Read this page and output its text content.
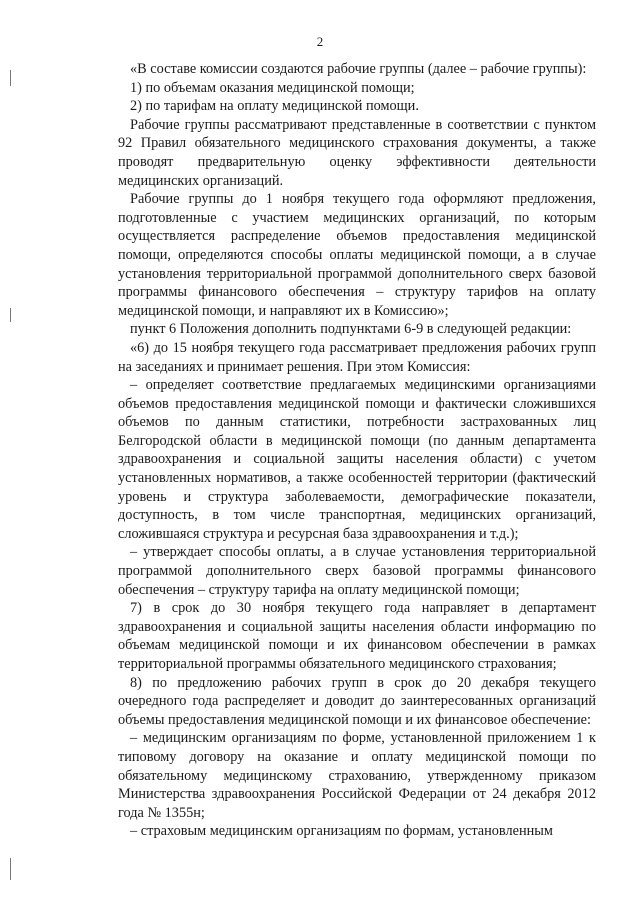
2

«В составе комиссии создаются рабочие группы (далее – рабочие группы):

1) по объемам оказания медицинской помощи;

2) по тарифам на оплату медицинской помощи.

Рабочие группы рассматривают представленные в соответствии с пунктом 92 Правил обязательного медицинского страхования документы, а также проводят предварительную оценку эффективности деятельности медицинских организаций.

Рабочие группы до 1 ноября текущего года оформляют предложения, подготовленные с участием медицинских организаций, по которым осуществляется распределение объемов предоставления медицинской помощи, определяются способы оплаты медицинской помощи, а в случае установления территориальной программой дополнительного сверх базовой программы финансового обеспечения – структуру тарифов на оплату медицинской помощи, и направляют их в Комиссию»;

пункт 6 Положения дополнить подпунктами 6-9 в следующей редакции:

«6) до 15 ноября текущего года рассматривает предложения рабочих групп на заседаниях и принимает решения. При этом Комиссия:

– определяет соответствие предлагаемых медицинскими организациями объемов предоставления медицинской помощи и фактически сложившихся объемов по данным статистики, потребности застрахованных лиц Белгородской области в медицинской помощи (по данным департамента здравоохранения и социальной защиты населения области) с учетом установленных нормативов, а также особенностей территории (фактический уровень и структура заболеваемости, демографические показатели, доступность, в том числе транспортная, медицинских организаций, сложившаяся структура и ресурсная база здравоохранения и т.д.);

– утверждает способы оплаты, а в случае установления территориальной программой дополнительного сверх базовой программы финансового обеспечения – структуру тарифа на оплату медицинской помощи;

7) в срок до 30 ноября текущего года направляет в департамент здравоохранения и социальной защиты населения области информацию по объемам медицинской помощи и их финансовом обеспечении в рамках территориальной программы обязательного медицинского страхования;

8) по предложению рабочих групп в срок до 20 декабря текущего очередного года распределяет и доводит до заинтересованных организаций объемы предоставления медицинской помощи и их финансовое обеспечение:

– медицинским организациям по форме, установленной приложением 1 к типовому договору на оказание и оплату медицинской помощи по обязательному медицинскому страхованию, утвержденному приказом Министерства здравоохранения Российской Федерации от 24 декабря 2012 года № 1355н;

– страховым медицинским организациям по формам, установленным
